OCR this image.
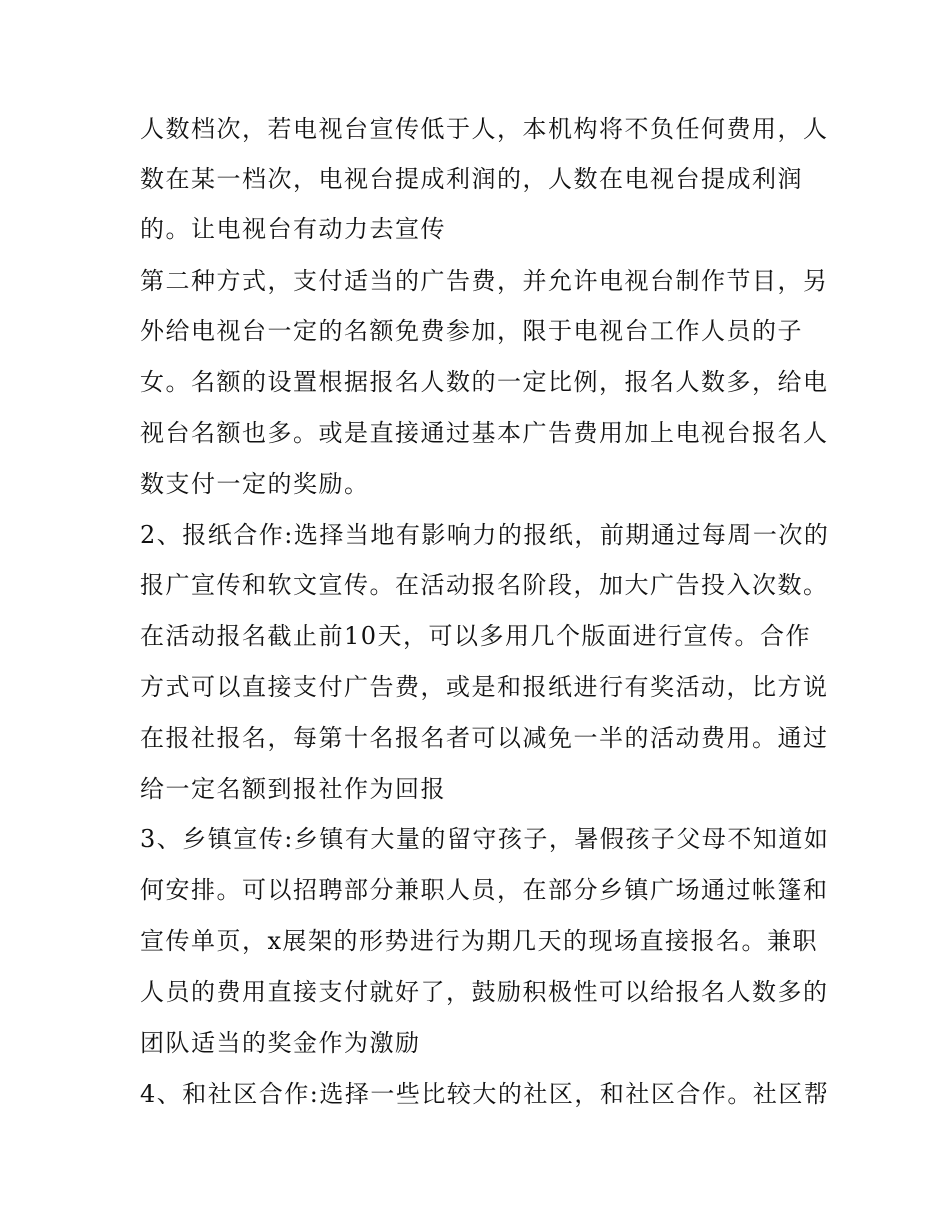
人数档次，若电视台宣传低于人，本机构将不负任何费用，人
数在某一档次，电视台提成利润的，人数在电视台提成利润
的。让电视台有动力去宣传
第二种方式，支付适当的广告费，并允许电视台制作节目，另
外给电视台一定的名额免费参加，限于电视台工作人员的子
女。名额的设置根据报名人数的一定比例，报名人数多，给电
视台名额也多。或是直接通过基本广告费用加上电视台报名人
数支付一定的奖励。
2、报纸合作:选择当地有影响力的报纸，前期通过每周一次的
报广宣传和软文宣传。在活动报名阶段，加大广告投入次数。
在活动报名截止前10天，可以多用几个版面进行宣传。合作
方式可以直接支付广告费，或是和报纸进行有奖活动，比方说
在报社报名，每第十名报名者可以减免一半的活动费用。通过
给一定名额到报社作为回报
3、乡镇宣传:乡镇有大量的留守孩子，暑假孩子父母不知道如
何安排。可以招聘部分兼职人员，在部分乡镇广场通过帐篷和
宣传单页，x展架的形势进行为期几天的现场直接报名。兼职
人员的费用直接支付就好了，鼓励积极性可以给报名人数多的
团队适当的奖金作为激励
4、和社区合作:选择一些比较大的社区，和社区合作。社区帮
